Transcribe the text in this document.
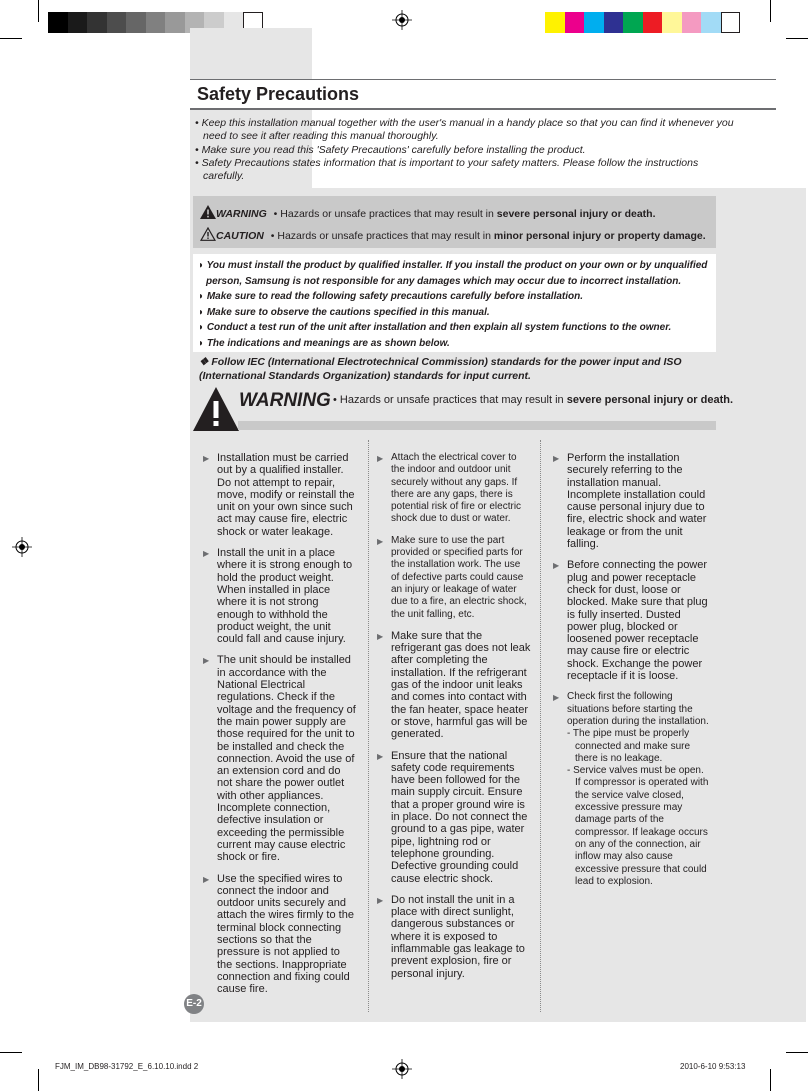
Safety Precautions
• Keep this installation manual together with the user's manual in a handy place so that you can find it whenever you need to see it after reading this manual thoroughly.
• Make sure you read this 'Safety Precautions' carefully before installing the product.
• Safety Precautions states information that is important to your safety matters. Please follow the instructions carefully.
WARNING • Hazards or unsafe practices that may result in severe personal injury or death.
CAUTION • Hazards or unsafe practices that may result in minor personal injury or property damage.
◗ You must install the product by qualified installer. If you install the product on your own or by unqualified person, Samsung is not responsible for any damages which may occur due to incorrect installation.
◗ Make sure to read the following safety precautions carefully before installation.
◗ Make sure to observe the cautions specified in this manual.
◗ Conduct a test run of the unit after installation and then explain all system functions to the owner.
◗ The indications and meanings are as shown below.
❖ Follow IEC (International Electrotechnical Commission) standards for the power input and ISO (International Standards Organization) standards for input current.
WARNING • Hazards or unsafe practices that may result in severe personal injury or death.
▶ Installation must be carried out by a qualified installer. Do not attempt to repair, move, modify or reinstall the unit on your own since such act may cause fire, electric shock or water leakage.
▶ Install the unit in a place where it is strong enough to hold the product weight. When installed in place where it is not strong enough to withhold the product weight, the unit could fall and cause injury.
▶ The unit should be installed in accordance with the National Electrical regulations. Check if the voltage and the frequency of the main power supply are those required for the unit to be installed and check the connection. Avoid the use of an extension cord and do not share the power outlet with other appliances. Incomplete connection, defective insulation or exceeding the permissible current may cause electric shock or fire.
▶ Use the specified wires to connect the indoor and outdoor units securely and attach the wires firmly to the terminal block connecting sections so that the pressure is not applied to the sections. Inappropriate connection and fixing could cause fire.
▶ Attach the electrical cover to the indoor and outdoor unit securely without any gaps. If there are any gaps, there is potential risk of fire or electric shock due to dust or water.
▶ Make sure to use the part provided or specified parts for the installation work. The use of defective parts could cause an injury or leakage of water due to a fire, an electric shock, the unit falling, etc.
▶ Make sure that the refrigerant gas does not leak after completing the installation. If the refrigerant gas of the indoor unit leaks and comes into contact with the fan heater, space heater or stove, harmful gas will be generated.
▶ Ensure that the national safety code requirements have been followed for the main supply circuit. Ensure that a proper ground wire is in place. Do not connect the ground to a gas pipe, water pipe, lightning rod or telephone grounding. Defective grounding could cause electric shock.
▶ Do not install the unit in a place with direct sunlight, dangerous substances or where it is exposed to inflammable gas leakage to prevent explosion, fire or personal injury.
▶ Perform the installation securely referring to the installation manual. Incomplete installation could cause personal injury due to fire, electric shock and water leakage or from the unit falling.
▶ Before connecting the power plug and power receptacle check for dust, loose or blocked. Make sure that plug is fully inserted. Dusted power plug, blocked or loosened power receptacle may cause fire or electric shock. Exchange the power receptacle if it is loose.
▶ Check first the following situations before starting the operation during the installation.
- The pipe must be properly connected and make sure there is no leakage.
- Service valves must be open. If compressor is operated with the service valve closed, excessive pressure may damage parts of the compressor. If leakage occurs on any of the connection, air inflow may also cause excessive pressure that could lead to explosion.
E-2
FJM_IM_DB98-31792_E_6.10.10.indd 2	2010-6-10 9:53:13
